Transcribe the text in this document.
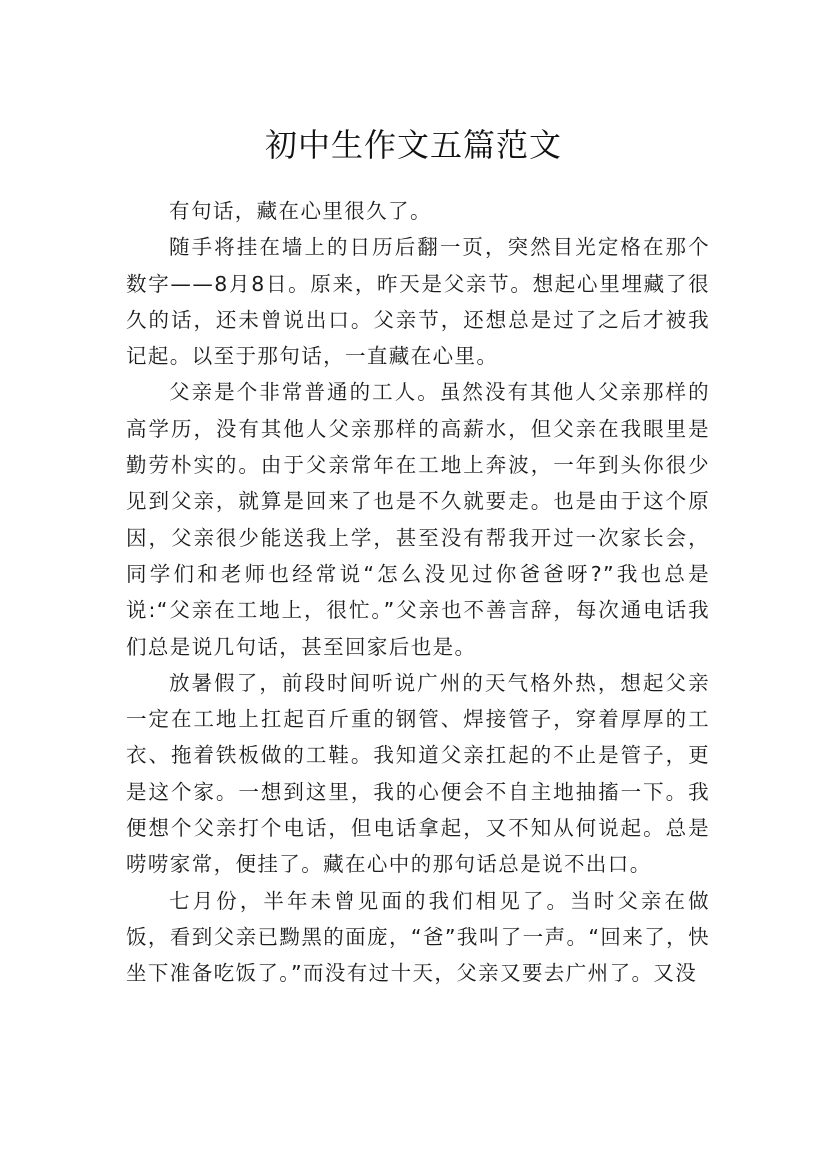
初中生作文五篇范文

有句话，藏在心里很久了。

随手将挂在墙上的日历后翻一页，突然目光定格在那个数字——8月8日。原来，昨天是父亲节。想起心里埋藏了很久的话，还未曾说出口。父亲节，还想总是过了之后才被我记起。以至于那句话，一直藏在心里。

父亲是个非常普通的工人。虽然没有其他人父亲那样的高学历，没有其他人父亲那样的高薪水，但父亲在我眼里是勤劳朴实的。由于父亲常年在工地上奔波，一年到头你很少见到父亲，就算是回来了也是不久就要走。也是由于这个原因，父亲很少能送我上学，甚至没有帮我开过一次家长会，同学们和老师也经常说“怎么没见过你爸爸呀?”我也总是说:“父亲在工地上，很忙。”父亲也不善言辞，每次通电话我们总是说几句话，甚至回家后也是。

放暑假了，前段时间听说广州的天气格外热，想起父亲一定在工地上扛起百斤重的钢管、焊接管子，穿着厚厚的工衣、拖着铁板做的工鞋。我知道父亲扛起的不止是管子，更是这个家。一想到这里，我的心便会不自主地抽搐一下。我便想个父亲打个电话，但电话拿起，又不知从何说起。总是唠唠家常，便挂了。藏在心中的那句话总是说不出口。

七月份，半年未曾见面的我们相见了。当时父亲在做饭，看到父亲已黝黑的面庞，“爸”我叫了一声。“回来了，快坐下准备吃饭了。”而没有过十天，父亲又要去广州了。又没
